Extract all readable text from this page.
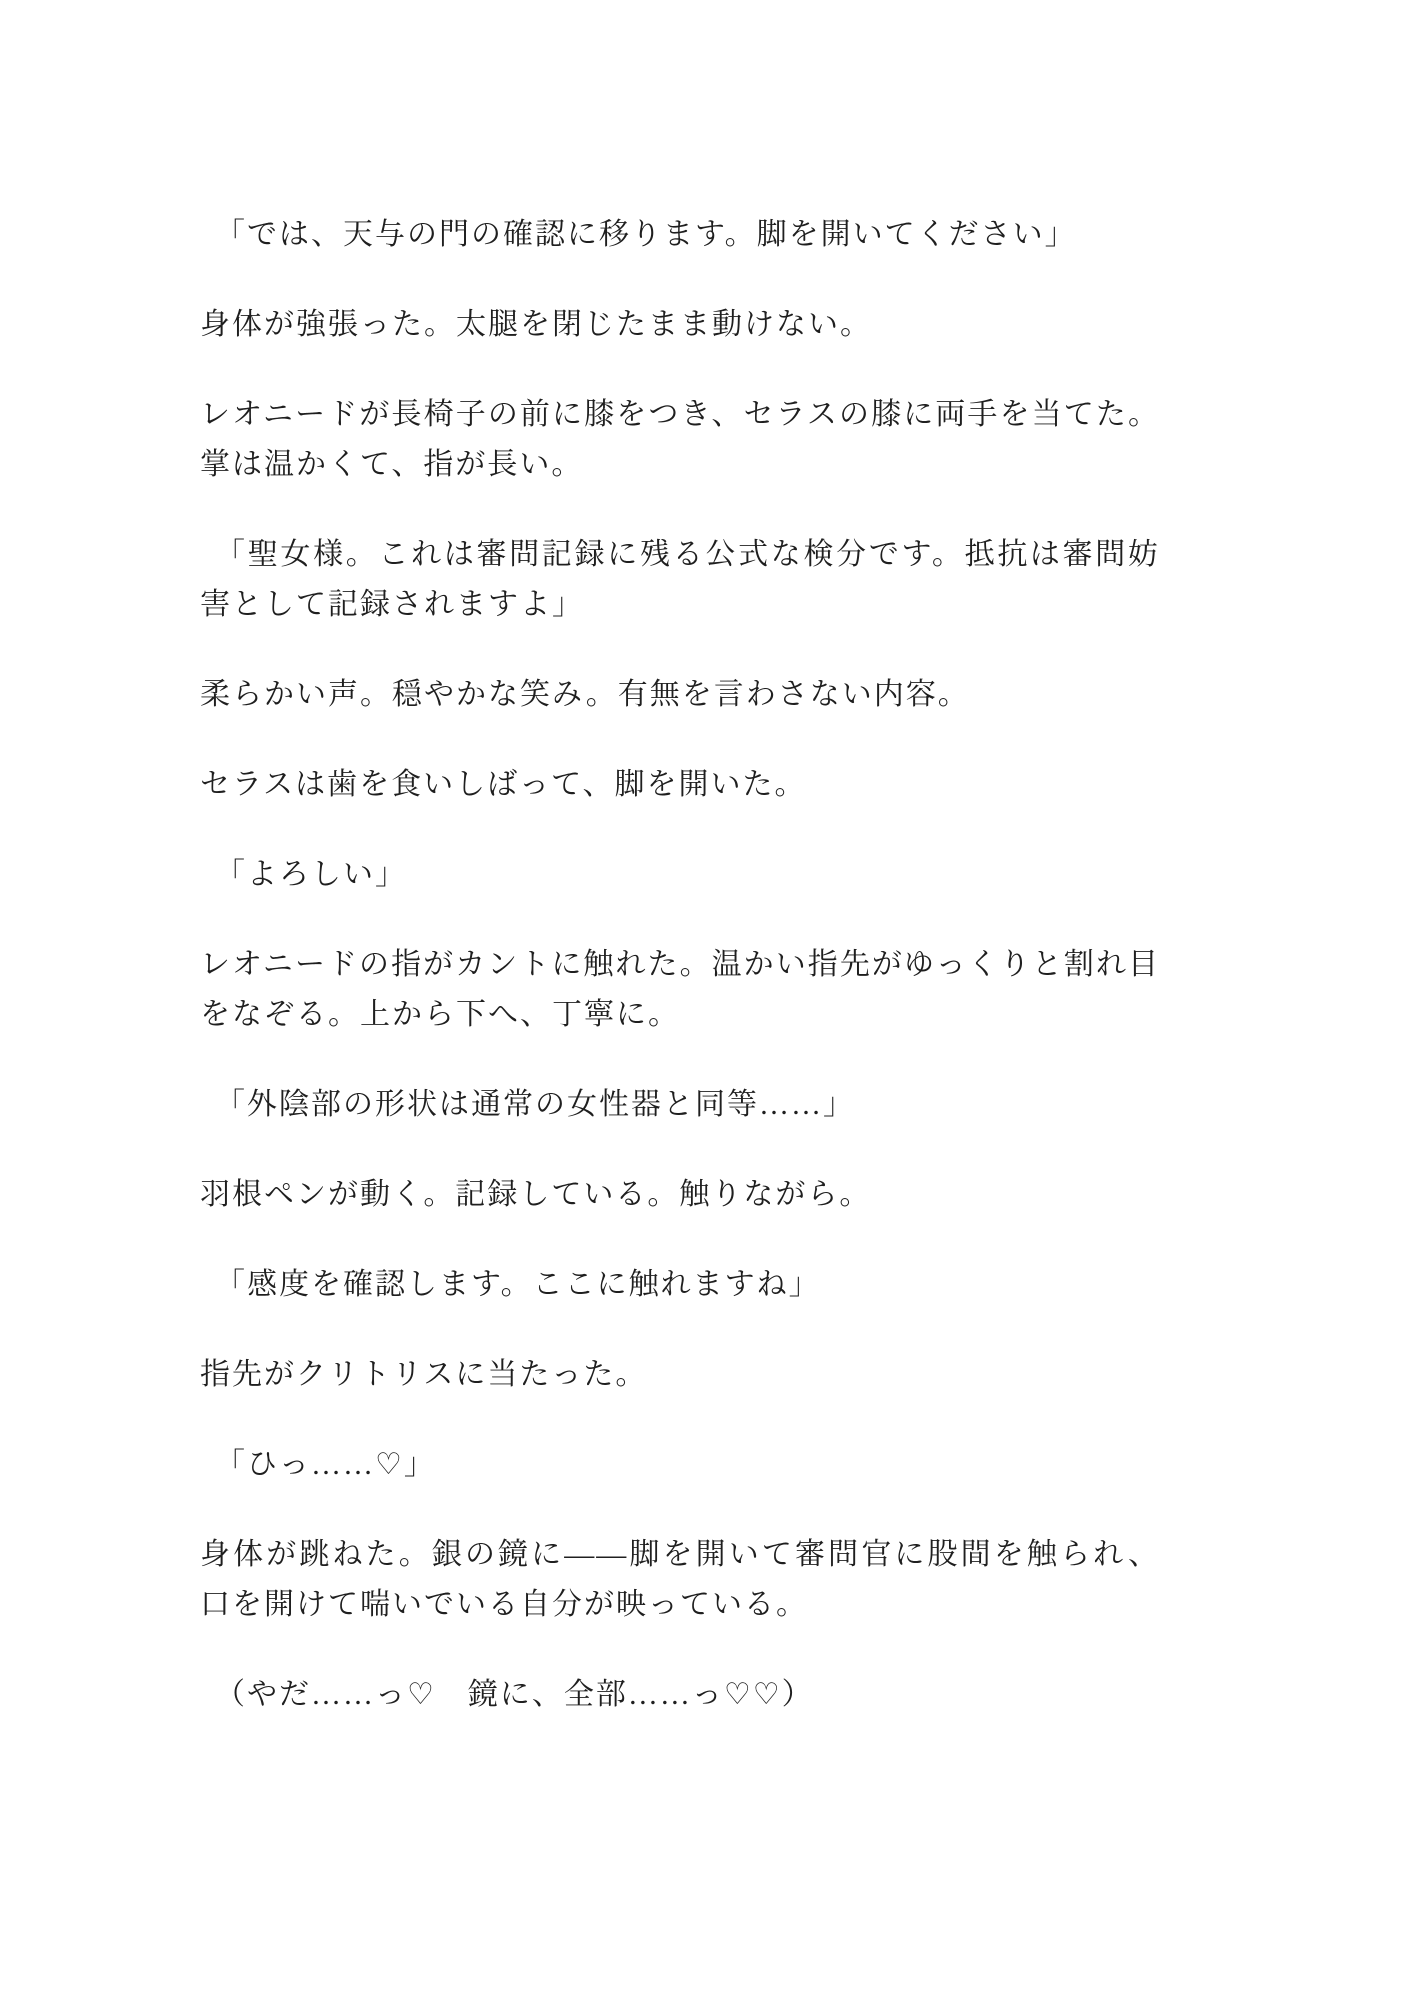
「では、天与の門の確認に移ります。脚を開いてください」

身体が強張った。太腿を閉じたまま動けない。

レオニードが長椅子の前に膝をつき、セラスの膝に両手を当てた。掌は温かくて、指が長い。

「聖女様。これは審問記録に残る公式な検分です。抵抗は審問妨害として記録されますよ」

柔らかい声。穏やかな笑み。有無を言わさない内容。

セラスは歯を食いしばって、脚を開いた。

「よろしい」

レオニードの指がカントに触れた。温かい指先がゆっくりと割れ目をなぞる。上から下へ、丁寧に。

「外陰部の形状は通常の女性器と同等……」

羽根ペンが動く。記録している。触りながら。

「感度を確認します。ここに触れますね」

指先がクリトリスに当たった。

「ひっ……♡」

身体が跳ねた。銀の鏡に――脚を開いて審問官に股間を触られ、口を開けて喘いでいる自分が映っている。

（やだ……っ♡　鏡に、全部……っ♡♡）
